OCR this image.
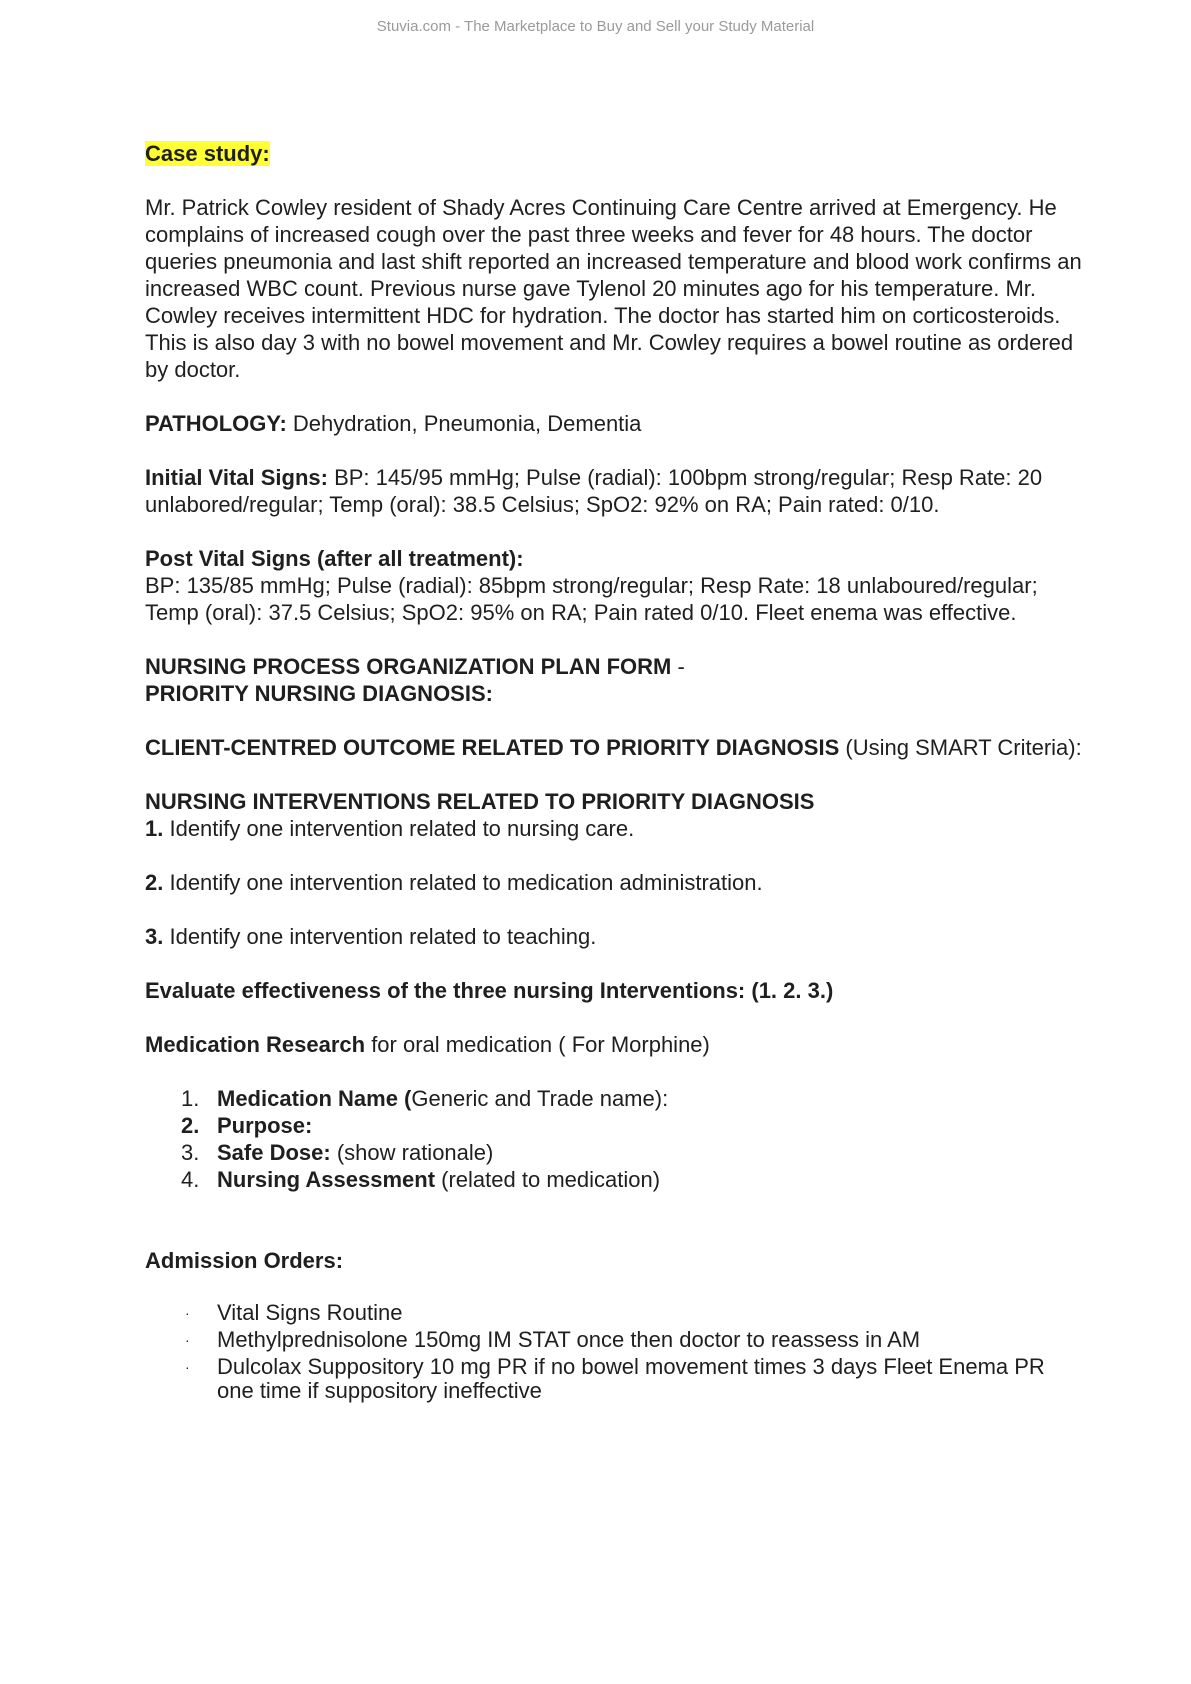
Stuvia.com - The Marketplace to Buy and Sell your Study Material

Case study:

Mr. Patrick Cowley resident of Shady Acres Continuing Care Centre arrived at Emergency. He complains of increased cough over the past three weeks and fever for 48 hours. The doctor queries pneumonia and last shift reported an increased temperature and blood work confirms an increased WBC count. Previous nurse gave Tylenol 20 minutes ago for his temperature. Mr. Cowley receives intermittent HDC for hydration. The doctor has started him on corticosteroids. This is also day 3 with no bowel movement and Mr. Cowley requires a bowel routine as ordered by doctor.

PATHOLOGY: Dehydration, Pneumonia, Dementia

Initial Vital Signs: BP: 145/95 mmHg; Pulse (radial): 100bpm strong/regular; Resp Rate: 20 unlabored/regular; Temp (oral): 38.5 Celsius; SpO2: 92% on RA; Pain rated: 0/10.

Post Vital Signs (after all treatment):
BP: 135/85 mmHg; Pulse (radial): 85bpm strong/regular; Resp Rate: 18 unlaboured/regular; Temp (oral): 37.5 Celsius; SpO2: 95% on RA; Pain rated 0/10. Fleet enema was effective.

NURSING PROCESS ORGANIZATION PLAN FORM -
PRIORITY NURSING DIAGNOSIS:

CLIENT-CENTRED OUTCOME RELATED TO PRIORITY DIAGNOSIS (Using SMART Criteria):

NURSING INTERVENTIONS RELATED TO PRIORITY DIAGNOSIS

1. Identify one intervention related to nursing care.

2. Identify one intervention related to medication administration.

3. Identify one intervention related to teaching.

Evaluate effectiveness of the three nursing Interventions: (1. 2. 3.)

Medication Research for oral medication ( For Morphine)

1. Medication Name (Generic and Trade name):
2. Purpose:
3. Safe Dose: (show rationale)
4. Nursing Assessment (related to medication)

Admission Orders:

· Vital Signs Routine
· Methylprednisolone 150mg IM STAT once then doctor to reassess in AM
· Dulcolax Suppository 10 mg PR if no bowel movement times 3 days Fleet Enema PR one time if suppository ineffective
